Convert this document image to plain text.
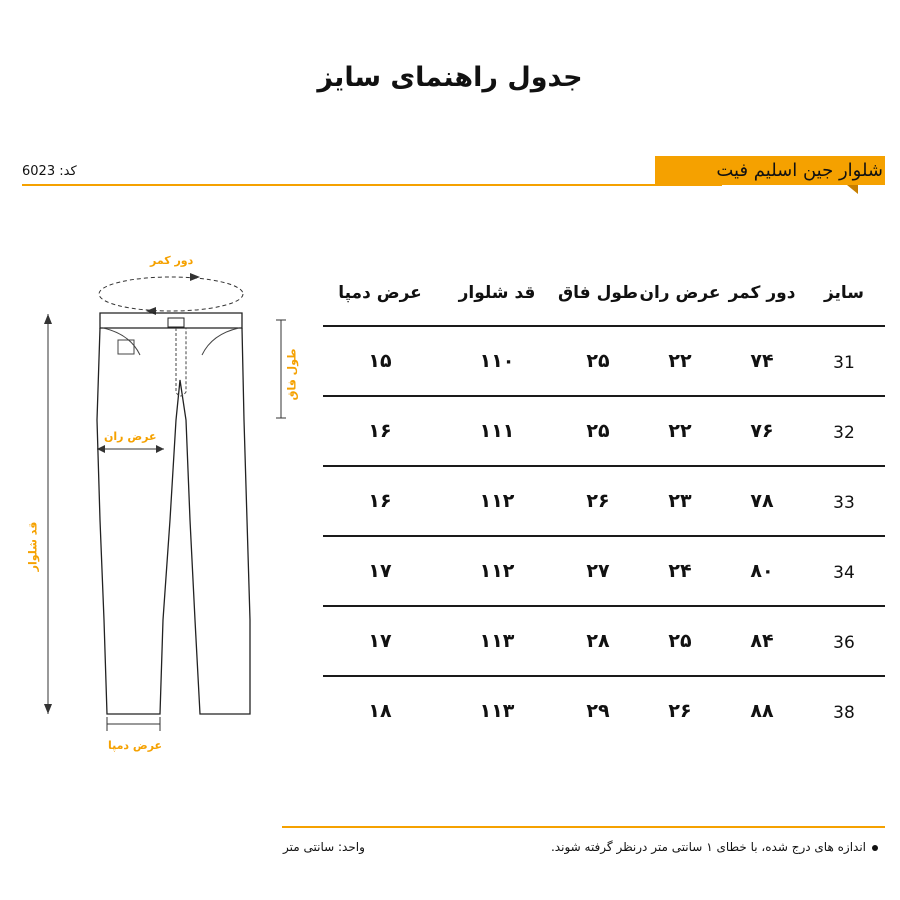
جدول راهنمای سایز
کد: 6023	شلوار جین اسلیم فیت
دور کمر
طول فاق
عرض ران
قد شلوار
عرض دمپا
سایز
دور کمر
عرض ران
طول فاق
قد شلوار
عرض دمپا
31
۷۴
۲۲
۲۵
۱۱۰
۱۵
32
۷۶
۲۲
۲۵
۱۱۱
۱۶
33
۷۸
۲۳
۲۶
۱۱۲
۱۶
34
۸۰
۲۴
۲۷
۱۱۲
۱۷
36
۸۴
۲۵
۲۸
۱۱۳
۱۷
38
۸۸
۲۶
۲۹
۱۱۳
۱۸
اندازه های درج شده، با خطای ۱ سانتی متر درنظر گرفته شوند.
واحد: سانتی متر
